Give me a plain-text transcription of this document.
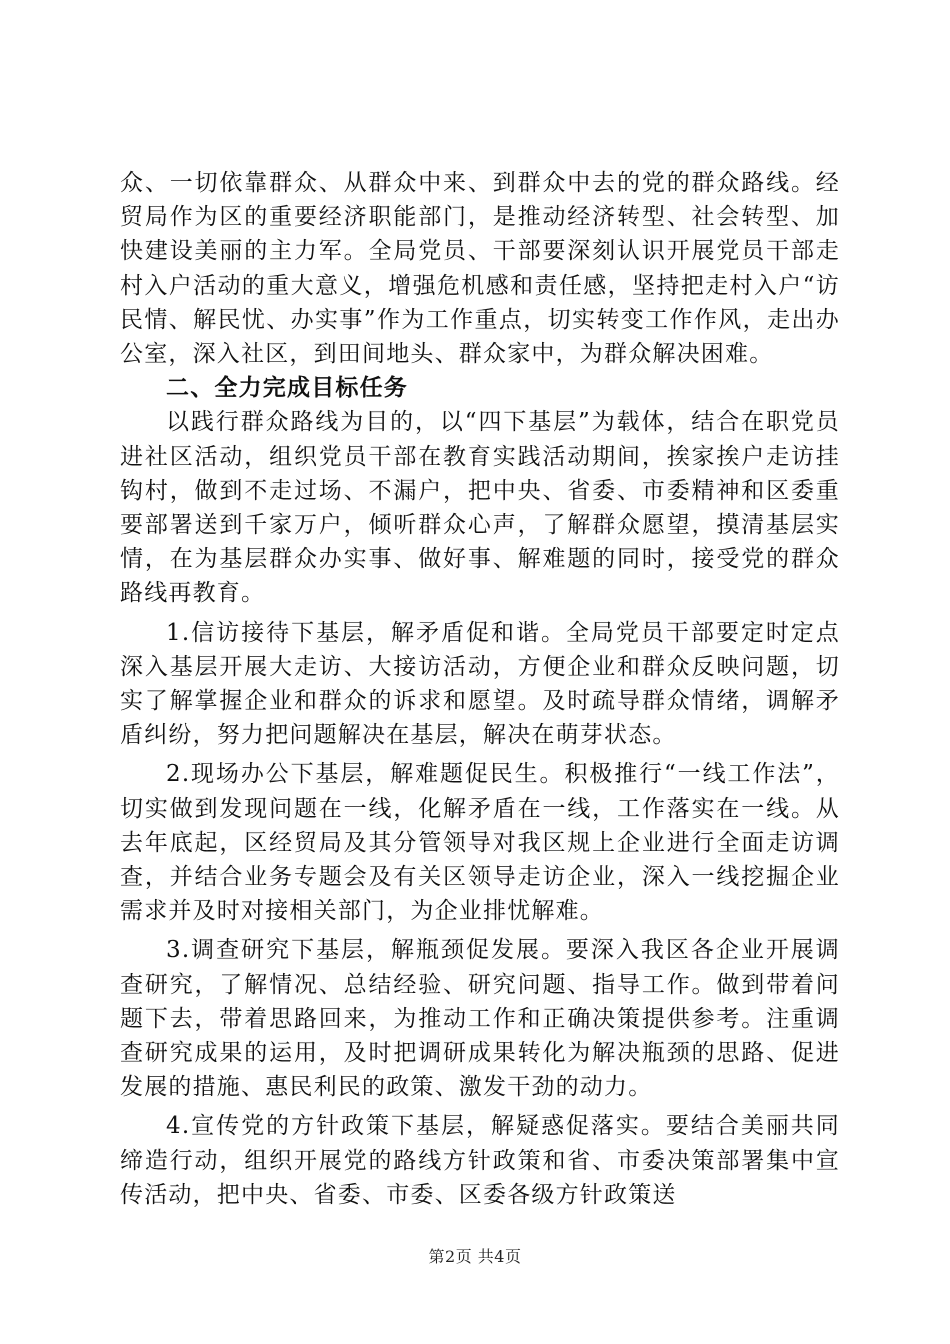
众、一切依靠群众、从群众中来、到群众中去的党的群众路线。经贸局作为区的重要经济职能部门，是推动经济转型、社会转型、加快建设美丽的主力军。全局党员、干部要深刻认识开展党员干部走村入户活动的重大意义，增强危机感和责任感，坚持把走村入户“访民情、解民忧、办实事”作为工作重点，切实转变工作作风，走出办公室，深入社区，到田间地头、群众家中，为群众解决困难。

二、全力完成目标任务

以践行群众路线为目的，以“四下基层”为载体，结合在职党员进社区活动，组织党员干部在教育实践活动期间，挨家挨户走访挂钩村，做到不走过场、不漏户，把中央、省委、市委精神和区委重要部署送到千家万户，倾听群众心声，了解群众愿望，摸清基层实情，在为基层群众办实事、做好事、解难题的同时，接受党的群众路线再教育。

1.信访接待下基层，解矛盾促和谐。全局党员干部要定时定点深入基层开展大走访、大接访活动，方便企业和群众反映问题，切实了解掌握企业和群众的诉求和愿望。及时疏导群众情绪，调解矛盾纠纷，努力把问题解决在基层，解决在萌芽状态。

2.现场办公下基层，解难题促民生。积极推行“一线工作法”，切实做到发现问题在一线，化解矛盾在一线，工作落实在一线。从去年底起，区经贸局及其分管领导对我区规上企业进行全面走访调查，并结合业务专题会及有关区领导走访企业，深入一线挖掘企业需求并及时对接相关部门，为企业排忧解难。

3.调查研究下基层，解瓶颈促发展。要深入我区各企业开展调查研究，了解情况、总结经验、研究问题、指导工作。做到带着问题下去，带着思路回来，为推动工作和正确决策提供参考。注重调查研究成果的运用，及时把调研成果转化为解决瓶颈的思路、促进发展的措施、惠民利民的政策、激发干劲的动力。

4.宣传党的方针政策下基层，解疑惑促落实。要结合美丽共同缔造行动，组织开展党的路线方针政策和省、市委决策部署集中宣传活动，把中央、省委、市委、区委各级方针政策送

第2页 共4页
